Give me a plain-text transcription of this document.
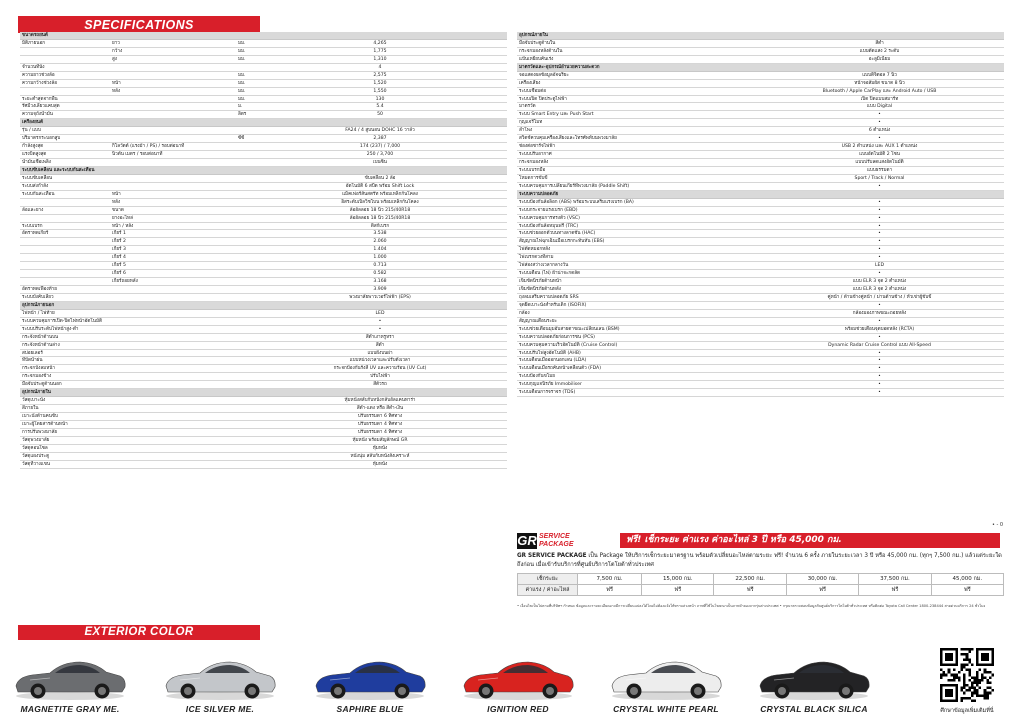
SPECIFICATIONS
ขนาดรถยนต์
มิติภายนอก	ยาว	มม.	4,265
กว้าง	มม.	1,775
สูง	มม.	1,310
จำนวนที่นั่ง	4
ความยาวช่วงล้อ	มม.	2,575
ความกว้างช่วงล้อ	หน้า	มม.	1,520
หลัง	มม.	1,550
ระยะต่ำสุดจากพื้น	มม.	130
รัศมีวงเลี้ยวแคบสุด	ม.	5.4
ความจุถังน้ำมัน	ลิตร	50
เครื่องยนต์
รุ่น / แบบ	FA24 / 4 สูบนอน DOHC 16 วาล์ว
ปริมาตรกระบอกสูบ	ซีซี	2,387
กำลังสูงสุด	กิโลวัตต์ (แรงม้า / PS) / รอบต่อนาที	174 (237) / 7,000
แรงบิดสูงสุด	นิวตัน เมตร / รอบต่อนาที	250 / 3,700
น้ำมันเชื้อเพลิง	เบนซิน
ระบบขับเคลื่อน และระบบกันสะเทือน
ระบบขับเคลื่อน	ขับเคลื่อน 2 ล้อ
ระบบส่งกำลัง	อัตโนมัติ 6 สปีด พร้อม Shift Lock
ระบบกันสะเทือน	หน้า	แม็คเฟอร์สันสตรัท พร้อมเหล็กกันโคลง
หลัง	อิสระดับเบิ้ลวิชโบน พร้อมเหล็กกันโคลง
ล้อและยาง	ขนาด	ล้ออัลลอย 18 นิ้ว 215/40R18
ยางอะไหล่	ล้ออัลลอย 18 นิ้ว 215/40R18
ระบบเบรก	หน้า / หลัง	ดิสก์เบรก
อัตราทดเกียร์	เกียร์ 1	3.538
เกียร์ 2	2.060
เกียร์ 3	1.404
เกียร์ 4	1.000
เกียร์ 5	0.713
เกียร์ 6	0.582
เกียร์ถอยหลัง	3.168
อัตราทดเฟืองท้าย	3.909
ระบบบังคับเลี้ยว	พวงมาลัยพาวเวอร์ไฟฟ้า (EPS)
อุปกรณ์ภายนอก
ไฟหน้า / ไฟท้าย	LED
ระบบควบคุมการเปิด-ปิดไฟหน้าอัตโนมัติ	•
ระบบปรับระดับไฟหน้าสูง-ต่ำ	•
กระจังหน้าด้านบน	สีดำเงาหรูหรา
กระจังหน้าด้านล่าง	สีดำ
สปอยเลอร์	แบบฝังบนฝา
ที่ปัดน้ำฝน	แบบหน่วงเวลาและปรับตั้งเวลา
กระจกบังลมหน้า	กระจกป้องกันรังสี UV และความร้อน (UV Cut)
กระจกมองข้าง	ปรับไฟฟ้า
มือจับประตูด้านนอก	สีตัวรถ
อุปกรณ์ภายใน
วัสดุเบาะนั่ง	หุ้มหนังสลับกับหนังกลับอัลแคนทาร่า
สีภายใน	สีดำ-แดง หรือ สีดำ-เงิน
เบาะนั่งด้านคนขับ	ปรับธรรมดา 6 ทิศทาง
เบาะผู้โดยสารด้านหน้า	ปรับธรรมดา 4 ทิศทาง
การปรับพวงมาลัย	ปรับธรรมดา 4 ทิศทาง
วัสดุพวงมาลัย	หุ้มหนัง พร้อมสัญลักษณ์ GR
วัสดุคอนโซล	หุ้มหนัง
วัสดุแผงประตู	หนังนุ่ม สลับกับหนังสังเคราะห์
วัสดุที่วางแขน	หุ้มหนัง
อุปกรณ์ภายใน
มือจับประตูด้านใน	สีดำ
กระจกมองหลังด้านใน	แบบตัดแสง 2 ระดับ
แป้นเหยียบคันเร่ง	อะลูมิเนียม
มาตรวัดและ-อุปกรณ์อำนวยความสะดวก
จอแสดงผลข้อมูลอัจฉริยะ	แบบดิจิตอล 7 นิ้ว
เครื่องเสียง	หน้าจอสัมผัส ขนาด 8 นิ้ว
ระบบเชื่อมต่อ	Bluetooth / Apple CarPlay และ Android Auto / USB
ระบบเปิด ปิดประตูไฟฟ้า	เปิด ปิดแบบสมาร์ท
มาตรวัด	แบบ Digital
ระบบ Smart Entry และ Push Start	•
กุญแจรีโมท	•
ลำโพง	6 ตำแหน่ง
สวิตช์ควบคุมเครื่องเสียงและโทรศัพท์บนพวงมาลัย	•
ช่องต่อชาร์จไฟฟ้า	USB 2 ตำแหน่ง และ AUX 1 ตำแหน่ง
ระบบปรับอากาศ	แบบอัตโนมัติ 2 โซน
กระจกมองหลัง	แบบปรับลดแสงอัตโนมัติ
ระบบเบรกมือ	แบบธรรมดา
โหมดการขับขี่	Sport / Track / Normal
ระบบควบคุมการเปลี่ยนเกียร์ที่พวงมาลัย (Paddle Shift)	•
ระบบความปลอดภัย
ระบบป้องกันล้อล็อก (ABS) พร้อมระบบเสริมแรงเบรก (BA)	•
ระบบกระจายแรงเบรก (EBD)	•
ระบบควบคุมการทรงตัว (VSC)	•
ระบบป้องกันล้อหมุนฟรี (TRC)	•
ระบบช่วยออกตัวบนทางลาดชัน (HAC)	•
สัญญาณไฟฉุกเฉินเมื่อเบรกกะทันหัน (EBS)	•
ไฟตัดหมอกหลัง	•
ไฟเบรกดวงที่สาม	•
ไฟส่องสว่างเวลากลางวัน	LED
ระบบเตือน (ไฟ) ฝ้าน่าจะกดลัด	•
เข็มขัดนิรภัยด้านหน้า	แบบ ELR 3 จุด 2 ตำแหน่ง
เข็มขัดนิรภัยด้านหลัง	แบบ ELR 3 จุด 2 ตำแหน่ง
ถุงลมเสริมความปลอดภัย SRS	คู่หน้า / ด้านข้างคู่หน้า / ม่านด้านข้าง / หัวเข่าผู้ขับขี่
จุดยึดเบาะนั่งสำหรับเด็ก (ISOFIX)	•
กล้อง	กล้องมองภาพขณะถอยหลัง
สัญญาณเตือนระยะ	•
ระบบช่วยเตือนมุมอับสายตาขณะเปลี่ยนเลน (BSM)	พร้อมช่วยเตือนจุดบอดหลัง (RCTA)
ระบบความปลอดภัยก่อนการชน (PCS)	•
ระบบควบคุมความเร็วอัตโนมัติ (Cruise Control)	Dynamic Radar Cruise Control แบบ All-Speed
ระบบปรับไฟสูงอัตโนมัติ (AHB)	•
ระบบเตือนเมื่อออกนอกเลน (LDA)	•
ระบบเตือนเมื่อรถคันหน้าเคลื่อนตัว (FDA)	•
ระบบป้องกันขโมย	•
ระบบกุญแจนิรภัย Immobiliser	•
ระบบเตือนการจราจร (TDS)	•
• - 0
GR SERVICE
PACKAGE	ฟรี! เช็กระยะ ค่าแรง ค่าอะไหล่ 3 ปี หรือ 45,000 กม.
GR SERVICE PACKAGE เป็น Package ให้บริการเช็กระยะมาตรฐาน พร้อมตัวเปลี่ยนอะไหล่ตามระยะ ฟรี! จำนวน 6 ครั้ง ภายในระยะเวลา 3 ปี หรือ 45,000 กม. (ทุกๆ 7,500 กม.) แล้วแต่ระยะใดถึงก่อน เมื่อเข้ารับบริการที่ศูนย์บริการโตโยต้าทั่วประเทศ
เช็กระยะ	7,500 กม.	15,000 กม.	22,500 กม.	30,000 กม.	37,500 กม.	45,000 กม.
ค่าแรง / ค่าอะไหล่	ฟรี	ฟรี	ฟรี	ฟรี	ฟรี	ฟรี
• เงื่อนไขเป็นไปตามที่บริษัทฯ กำหนด ข้อมูลและรายละเอียดอาจมีการเปลี่ยนแปลงได้โดยไม่ต้องแจ้งให้ทราบล่วงหน้า ภาพที่ใช้ในโฆษณาเป็นภาพจำลองจากรุ่นต่างประเทศ • กรุณาตรวจสอบข้อมูลกับศูนย์บริการโตโยต้าทั่วประเทศ หรือติดต่อ Toyota Call Center 1800-238444 สายด่วนบริการ 24 ชั่วโมง
EXTERIOR COLOR
MAGNETITE GRAY ME.	ICE SILVER ME.	SAPHIRE BLUE	IGNITION RED	CRYSTAL WHITE PEARL	CRYSTAL BLACK SILICA	ศึกษาข้อมูลเพิ่มเติมที่นี่
